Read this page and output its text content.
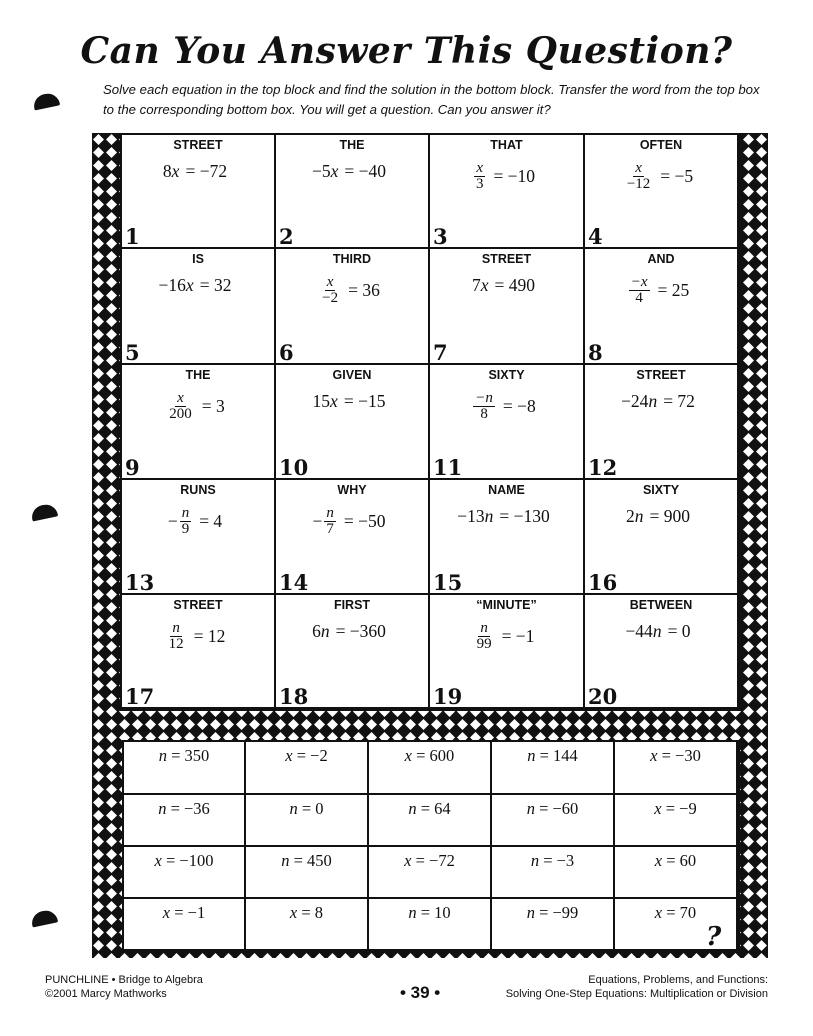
Can You Answer This Question?
Solve each equation in the top block and find the solution in the bottom block. Transfer the word from the top box to the corresponding bottom box. You will get a question. Can you answer it?
STREET
8 x = −72
1
THE
−5 x = −40
2
THAT
$\frac{x}{3} = -10$
3
OFTEN
$\frac{x}{-12} = -5$
4
IS
−16 x = 32
5
THIRD
$\frac{x}{-2} = 36$
6
STREET
7 x = 490
7
AND
$\frac{-x}{4} = 25$
8
THE
$\frac{x}{200} = 3$
9
GIVEN
15 x = −15
10
SIXTY
$\frac{-n}{8} = -8$
11
STREET
−24 n = 72
12
RUNS
− $\frac{n}{9} = 4$
13
WHY
− $\frac{n}{7} = -50$
14
NAME
−13 n = −130
15
SIXTY
2 n = 900
16
STREET
$\frac{n}{12} = 12$
17
FIRST
6 n = −360
18
“MINUTE”
$\frac{n}{99} = -1$
19
BETWEEN
−44 n = 0
20
n = 350	x = −2	x = 600	n = 144	x = −30
n = −36	n = 0	n = 64	n = −60	x = −9
x = −100	n = 450	x = −72	n = −3	x = 60
x = −1	x = 8	n = 10	n = −99	x = 70
?
PUNCHLINE • Bridge to Algebra
©2001 Marcy Mathworks	• 39 •
Equations, Problems, and Functions:
Solving One-Step Equations: Multiplication or Division
